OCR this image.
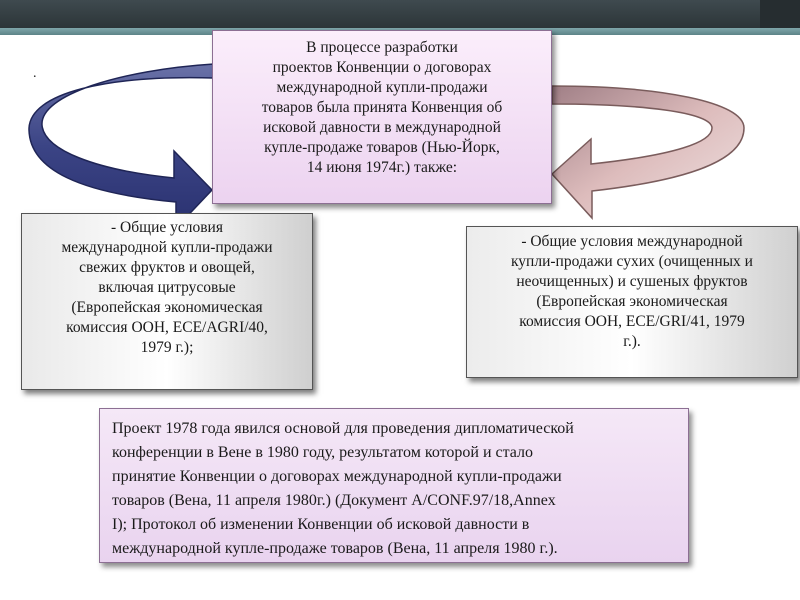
.
В процессе разработки
проектов Конвенции о договорах
международной купли-продажи
товаров была принята Конвенция об
исковой давности в международной
купле-продаже товаров (Нью-Йорк,
14 июня 1974г.) также:
- Общие условия
международной купли-продажи
свежих фруктов и овощей,
включая цитрусовые
(Европейская экономическая
комиссия ООН, ECE/AGRI/40,
1979 г.);
- Общие условия международной
купли-продажи сухих (очищенных и
неочищенных) и сушеных фруктов
(Европейская экономическая
комиссия ООН, ECE/GRI/41, 1979
г.).
Проект 1978 года явился основой для проведения дипломатической
конференции в Вене в 1980 году, результатом которой и стало
принятие Конвенции о договорах международной купли-продажи
товаров (Вена, 11 апреля 1980г.) (Документ A/CONF.97/18,Annex
I); Протокол об изменении Конвенции об исковой давности в
международной купле-продаже товаров (Вена, 11 апреля 1980 г.).
